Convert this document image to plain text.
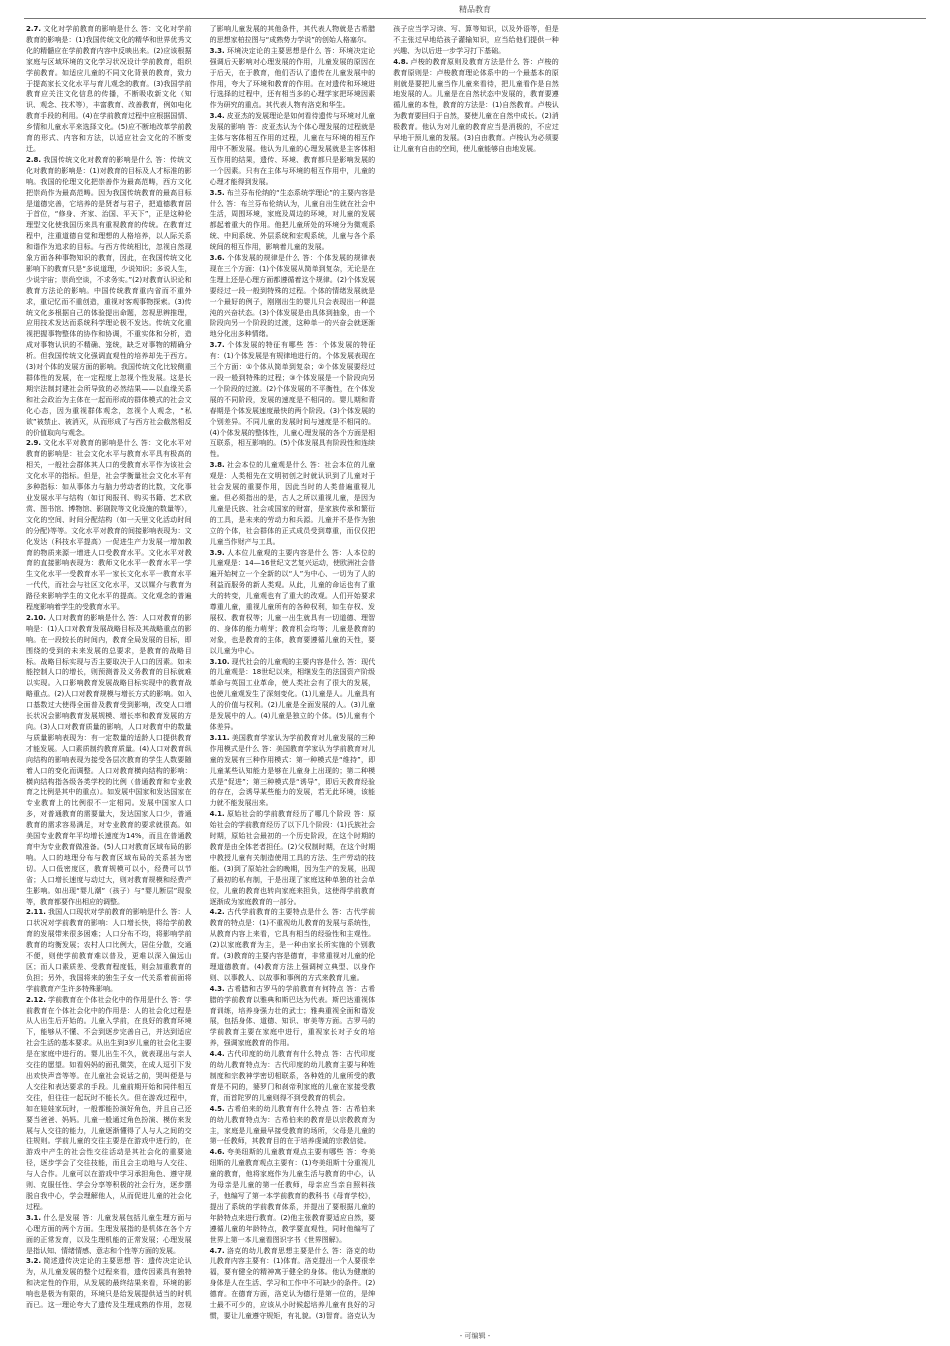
精品教育

2.7. 文化对学前教育的影响是什么 答：文化对学前教育的影响是：(1)我国传统文化的精华和世界优秀文化的精髓应在学前教育内容中反映出来。(2)应该根据家庭与区域环境的文化学习状况设计学前教育，组织学前教育。如适应儿童的不同文化背景的教育，致力于提高家长文化水平与育儿观念的教育。(3)我国学前教育应关注文化信息的传播，不断吸收新文化（知识、观念、技术等），丰富教育、改善教育，例如电化教育手段的利用。(4)在学前教育过程中应根据国情、乡情和儿童水平来选择文化。(5)应不断地改革学前教育的形式、内容和方法，以适应社会文化的不断变迁。

2.8. 我国传统文化对教育的影响是什么 答：传统文化对教育的影响是：(1)对教育的目标及人才标准的影响。我国的伦理文化把崇善作为最高范畴，西方文化把崇尚作为最高范畴。因为我国传统教育的最高目标是道德完善，它培养的是贤者与君子，把道德教育居于首位，“修身、齐家、治国、平天下”，正是这种伦理型文化使我国历来具有重视教育的传统。在教育过程中，注重道德自觉和理想的人格培养，以人际关系和谐作为追求的目标。与西方传统相比，忽视自然现象方面各种事物知识的教育，因此，在我国传统文化影响下的教育只是“多说道理，少说知识；多说人生，少说宇宙；崇尚空谈，不求务实。”(2)对教育认识论和教育方法论的影响。中国传统教育重内省而不重外求，重记忆而不重创造，重视对客观事物探索。(3)传统文化多根据自己的体验提出命题，忽视思辨推理，应用技术发达而系统科学理论极不发达。传统文化重视把握事物整体的协作和协调，不重实体和分析，造成对事物认识的不精确、笼统，缺乏对事物的精确分析。但我国传统文化强调直观性的培养却先于西方。(3)对个体的发展方面的影响。我国传统文化比较侧重群体性的发展，在一定程度上忽视个性发展。这是长期宗法制封建社会所导致的必然结果——以血缘关系和社会政治为主体在一起而形成的群体模式的社会文化心态，因为重视群体观念，忽视个人观念，“私欲”被禁止、被消灭，从而形成了与西方社会截然相反的价值取向与观念。

2.9. 文化水平对教育的影响是什么 答：文化水平对教育的影响是：社会文化水平与教育水平具有极高的相关，一般社会群体其人口的受教育水平作为该社会文化水平的指标。但是，社会学衡量社会文化水平有多种指标：如从事体力与脑力劳动者的比数，文化事业发展水平与结构（如订阅报刊、购买书籍、艺术欣赏、图书馆、博物馆、影剧院等文化设施的数量等），文化的空间、时间分配结构（如一天里文化活动时间的分配)等等。文化水平对教育的间接影响表现为：文化发达（科技水平提高）一促进生产力发展一增加教育的物质来源一增进人口受教育水平。文化水平对教育的直接影响表现为：教师文化水平一教育水平一学生文化水平一受教育水平一家长文化水平一教育水平一代代，而社会与社区文化水平，又以媒介与教育为路径来影响学生的文化水平的提高。文化观念的普遍程度影响着学生的受教育水平。

2.10. 人口对教育的影响是什么 答：人口对教育的影响是：(1)人口对教育发展战略目标及其战略重点的影响。在一段较长的时间内，教育全局发展的目标，即围绕的受到的未来发展的总要求，是教育的战略目标。战略目标实现与否主要取决于人口的因素。如未能控制人口的增长，则预测普及义务教育的目标就难以实现。入口影响教育发展战略目标实现中的教育战略重点。(2)人口对教育规模与增长方式的影响。如入口基数过大使得全面普及教育受到影响，改变人口增长状况会影响教育发展规模、增长率和教育发展的方向。(3)人口对教育质量的影响，人口对教育中的数量与质量影响表现为：有一定数量的适龄人口提供教育才能发展。人口素质制约教育质量。(4)人口对教育纵向结构的影响表现为接受各层次教育的学生人数要随着人口的变化而调整。人口对教育横向结构的影响：横向结构指各级各类学校的比例（普通教育和专业教育之比例是其中的重点）。如发展中国家和发达国家在专业教育上的比例很不一定相同。发展中国家人口多，对普通教育的需要量大，发达国家人口少，普通教育的需求容易满足，对专业教育的要求就很高。如美国专业教育年平均增长速度为14%，而且在普通教育中为专业教育做准备。(5)人口对教育区域布局的影响。人口的地理分布与教育区域布局的关系甚为密切。人口低密度区，教育规模可以小，经费可以节省；人口增长速度与动过大，则对教育规模和经费产生影响。如出现“婴儿潮”（孩子）与“婴儿断层”现象等，教育都要作出相应的调整。

2.11. 我国人口现状对学前教育的影响是什么 答：人口状况对学前教育的影响：人口增长快，将给学前教育的发展带来很多困难；人口分布不均，将影响学前教育的均衡发展；农村人口比例大，居住分散，交通不便，则使学前教育难以普及，更难以深入偏远山区；而人口素质差、受教育程度低，则会加重教育的负担；另外，我国将来的独生子女一代关系着前面将学前教育产生许多特殊影响。

2.12. 学前教育在个体社会化中的作用是什么 答：学前教育在个体社会化中的作用是：人的社会化过程是从人出生后开始的。儿童入学前，在良好的教育环境下，能够从不懂、不会到逐步完善自己，并达到适应社会生活的基本要求。从出生到3岁儿童的社会化主要是在家庭中进行的。婴儿出生不久，就表现出与亲人交往的愿望。如看妈妈的面孔微笑，在成人逗引下发出欢快声音等等。在儿童社会说话之前，哭叫便是与人交往和表达要求的手段。儿童前期开始和同伴相互交往，但往往一起玩时不能长久。但在游戏过程中，如在娃娃家玩时，一般都能扮演好角色，并且自己还要当爸爸、妈妈。儿童一般通过角色扮演、模仿来发展与人交往的能力，儿童逐渐懂得了人与人之间的交往规则。学前儿童的交往主要是在游戏中进行的，在游戏中产生的社会性交往活动是其社会化的重要途径，逐步学会了交往技能，而且会主动地与人交往、与人合作。儿童可以在游戏中学习承担角色、遵守规则、克服任性、学会分享等积极的社会行为，逐步摆脱自我中心，学会理解他人，从而促进儿童的社会化过程。

3.1. 什么是发展 答：儿童发展包括儿童生理方面与心理方面的两个方面。生理发展指的是机体在各个方面的正常发育，以及生理机能的正常发展；心理发展是指认知、情绪情感、意志和个性等方面的发展。

3.2. 简述遗传决定论的主要思想 答：遗传决定论认为，从儿童发展的整个过程来看，遗传因素具有独特和决定性的作用，从发展的最终结果来看，环境的影响也是极为有限的，环境只是给发展提供适当的时机而已。这一理论夸大了遗传及生理成熟的作用，忽视了影响儿童发展的其他条件，其代表人物就是古希腊的思想家柏拉图与“成熟势力学说”的创始人格塞尔。

3.3. 环境决定论的主要思想是什么 答：环境决定论强调后天影响对心理发展的作用，儿童发展的原因在于后天，在于教育，他们否认了遗传在儿童发展中的作用，夸大了环境和教育的作用。在对遗传和环境进行选择的过程中，还有相当多的心理学家把环境因素作为研究的重点。其代表人物有洛克和华生。

3.4. 皮亚杰的发展理论是如何看待遗传与环境对儿童发展的影响 答：皮亚杰认为个体心理发展的过程就是主体与客体相互作用的过程，儿童在与环境的相互作用中不断发展。他认为儿童的心理发展就是主客体相互作用的结果，遗传、环境、教育都只是影响发展的一个因素。只有在主体与环境的相互作用中，儿童的心理才能得到发展。

3.5. 布兰芬布伦纳的“生态系统学理论”的主要内容是什么 答：布兰芬布伦纳认为，儿童自出生就在社会中生活，周围环境，家庭及周边的环境，对儿童的发展都起着重大的作用。他把儿童所处的环境分为微观系统、中间系统、外层系统和宏观系统，儿童与各个系统间的相互作用，影响着儿童的发展。

3.6. 个体发展的规律是什么 答：个体发展的规律表现在三个方面：(1)个体发展从简单到复杂，无论是在生理上还是心理方面都遵循着这个规律。(2)个体发展要经过一段一般到特殊的过程。个体的情绪发展就是一个最好的例子，刚刚出生的婴儿只会表现出一种混沌的兴奋状态。(3)个体发展是由具体到抽象，由一个阶段向另一个阶段的过渡，这种单一的兴奋会就逐渐地分化出多种情绪。

3.7. 个体发展的特征有哪些 答：个体发展的特征有：(1)个体发展是有规律地进行的。个体发展表现在三个方面：①个体从简单到复杂；②个体发展要经过一段一般到特殊的过程；③个体发展是一个阶段向另一个阶段的过渡。(2)个体发展的不平衡性，在个体发展的不同阶段，发展的速度是不相同的。婴儿期和青春期是个体发展速度最快的两个阶段。(3)个体发展的个别差异。不同儿童的发展时间与速度是不相同的。(4)个体发展的整体性，儿童心理发展的各个方面是相互联系，相互影响的。(5)个体发展具有阶段性和连续性。

3.8. 社会本位的儿童观是什么 答：社会本位的儿童观是：人类相先在文明初创之时就认识到了儿童对于社会发展的重要作用，因此当时的人类普遍重视儿童。但必须指出的是，古人之所以重视儿童，是因为儿童是氏族、社会或国家的财富，是家族传承和繁衍的工具，是未来的劳动力和兵源。儿童并不是作为独立的个体，社会群体的正式成员受到尊重，而仅仅把儿童当作财产与工具。

3.9. 人本位儿童观的主要内容是什么 答：人本位的儿童观是：14—16世纪文艺复兴运动，使欧洲社会普遍开始树立一个全新的以“人”为中心、一切为了人的利益而服务的新人类观。从此，儿童的命运也有了重大的转变，儿童观也有了重大的改观。人们开始要求尊重儿童，重视儿童所有的各种权利，如生存权、发展权、教育权等；儿童一出生就具有一切道德、理智的、身体的能力萌芽；教育机会均等；儿童是教育的对象，也是教育的主体，教育要遵循儿童的天性，要以儿童为中心。

3.10. 现代社会的儿童观的主要内容是什么 答：现代的儿童观是：18世纪以来，相继发生的法国资产阶级革命与英国工业革命，使人类社会有了很大的发展，也使儿童观发生了深刻变化。(1)儿童是人。儿童具有人的价值与权利。(2)儿童是全面发展的人。(3)儿童是发展中的人。(4)儿童是独立的个体。(5)儿童有个体差异。

3.11. 美国教育学家认为学前教育对儿童发展的三种作用模式是什么 答：美国教育学家认为学前教育对儿童的发展有三种作用模式：第一种模式是“维持”，即儿童某些认知能力是够在儿童身上出现的；第二种模式是“促进”；第三种模式是“诱导”，即后天教育经验的存在，会诱导某些能力的发展，若无此环境，该能力就不能发展出来。

4.1. 原始社会的学前教育经历了哪几个阶段 答：原始社会的学前教育经历了以下几个阶段：(1)氏族社会时期，原始社会最初的一个历史阶段，在这个时期的教育是由全体老者担任。(2)父权制时期，在这个时期中教授儿童有关制造使用工具的方法、生产劳动的技能。(3)到了原始社会的晚期，因为生产的发展，出现了最初的私有制，于是出现了家庭这种单独的社会单位，儿童的教育也转向家庭来担负，这使得学前教育逐渐成为家庭教育的一部分。

4.2. 古代学前教育的主要特点是什么 答：古代学前教育的特点是：(1)不重视幼儿教育的发展与系统性，从教育内容上来看，它具有相当的经验性和主观性。(2)以家庭教育为主，是一种由家长所实施的个别教育。(3)教育的主要内容是德育，非常重视对儿童的伦理道德教育。(4)教育方法上强调树立典型、以身作则、以事教人、以故事和事例的方式来教育儿童。

4.3. 古希腊和古罗马的学前教育有何特点 答：古希腊的学前教育以雅典和斯巴达为代表。斯巴达重视体育训练，培养身强力壮的武士；雅典重视全面和谐发展，包括身体、道德、知识、审美等方面。古罗马的学前教育主要在家庭中进行，重视家长对子女的培养，强调家庭教育的作用。

4.4. 古代印度的幼儿教育有什么特点 答：古代印度的幼儿教育特点为：古代印度的幼儿教育主要与种姓制度和宗教神学密切相联系，各种姓的儿童所受的教育是不同的，婆罗门和刹帝利家庭的儿童在家接受教育，而首陀罗的儿童则得不到受教育的机会。

4.5. 古希伯来的幼儿教育有什么特点 答：古希伯来的幼儿教育特点为：古希伯来的教育是以宗教教育为主，家庭是儿童最早接受教育的场所，父母是儿童的第一任教师，其教育目的在于培养虔诚的宗教信徒。

4.6. 夸美纽斯的儿童教育观点主要有哪些 答：夸美纽斯的儿童教育观点主要有：(1)夸美纽斯十分重视儿童的教育，他将家庭作为儿童生活与教育的中心，认为母亲是儿童的第一任教师，母亲应当亲自照料孩子，他编写了第一本学前教育的教科书《母育学校》，提出了系统的学前教育体系，并提出了要根据儿童的年龄特点来进行教育。(2)他主张教育要适应自然，要遵循儿童的年龄特点，教学要直观性，同时他编写了世界上第一本儿童看图识字书《世界图解》。

4.7. 洛克的幼儿教育思想主要是什么 答：洛克的幼儿教育内容主要有：(1)体育。洛克提出一个人要很幸福，要有健全的精神寓于健全的身体。他认为健康的身体是人在生活、学习和工作中不可缺少的条件。(2)德育。在德育方面，洛克认为德行是第一位的，是绅士最不可少的，应该从小时候起培养儿童有良好的习惯，要让儿童遵守规矩，有礼貌。(3)智育。洛克认为孩子应当学习读、写、算等知识，以及外语等，但是不主张过早地给孩子灌输知识，应当给他们提供一种兴趣、为以后进一步学习打下基础。

4.8. 卢梭的教育原则及教育方法是什么 答：卢梭的教育原则是：卢梭教育理论体系中的一个最基本的原则就是要把儿童当作儿童来看待，把儿童看作是自然地发展的人。儿童是在自然状态中发展的，教育要遵循儿童的本性，教育的方法是：(1)自然教育。卢梭认为教育要回归于自然，要使儿童在自然中成长。(2)消极教育。他认为对儿童的教育应当是消极的，不应过早地干预儿童的发展。(3)自由教育。卢梭认为必须要让儿童有自由的空间，使儿童能够自由地发展。

- 可编辑 -
